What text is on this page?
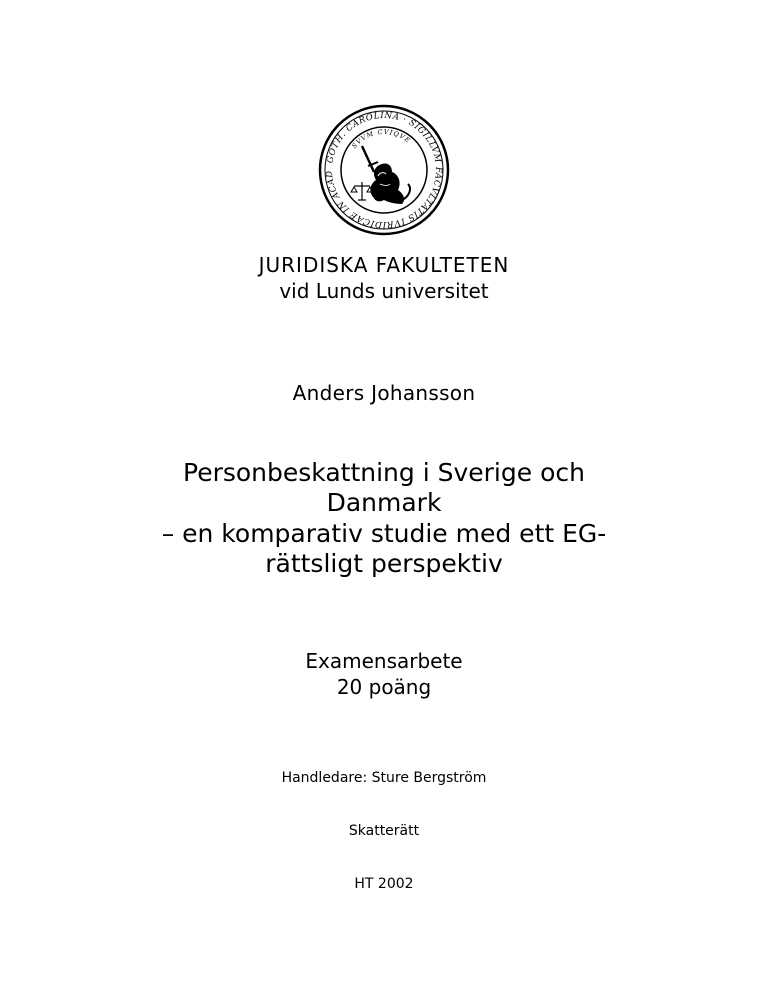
GOTH. CAROLINA · SIGILLVM FACVLTATIS IVRIDICAE IN ACAD
SVVM CVIQVE
JURIDISKA FAKULTETEN
vid Lunds universitet
Anders Johansson
Personbeskattning i Sverige och
Danmark
– en komparativ studie med ett EG-
rättsligt perspektiv
Examensarbete
20 poäng
Handledare: Sture Bergström
Skatterätt
HT 2002
